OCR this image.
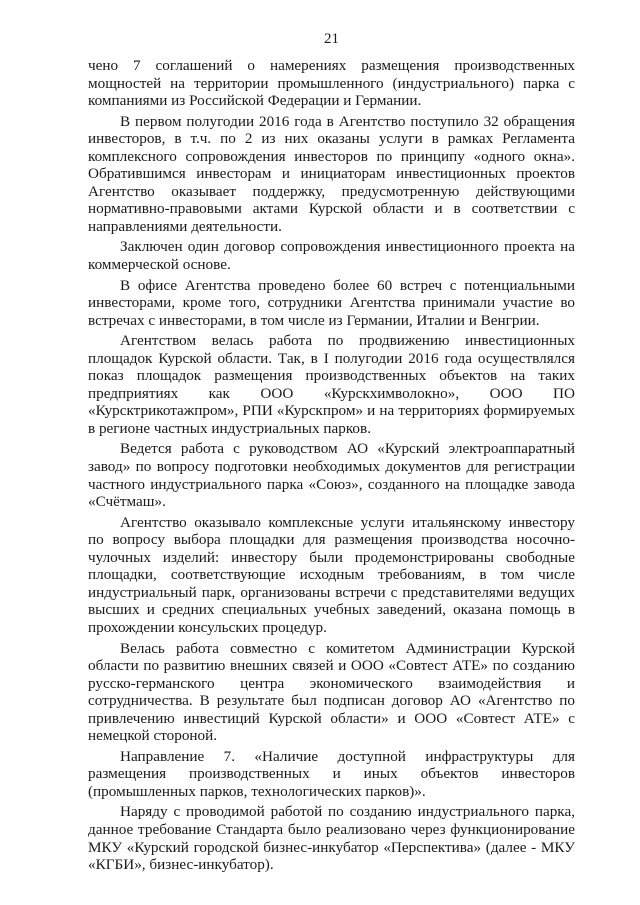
21

чено 7 соглашений о намерениях размещения производственных мощностей на территории промышленного (индустриального) парка с компаниями из Российской Федерации и Германии.

В первом полугодии 2016 года в Агентство поступило 32 обращения инвесторов, в т.ч. по 2 из них оказаны услуги в рамках Регламента комплексного сопровождения инвесторов по принципу «одного окна». Обратившимся инвесторам и инициаторам инвестиционных проектов Агентство оказывает поддержку, предусмотренную действующими нормативно-правовыми актами Курской области и в соответствии с направлениями деятельности.

Заключен один договор сопровождения инвестиционного проекта на коммерческой основе.

В офисе Агентства проведено более 60 встреч с потенциальными инвесторами, кроме того, сотрудники Агентства принимали участие во встречах с инвесторами, в том числе из Германии, Италии и Венгрии.

Агентством велась работа по продвижению инвестиционных площадок Курской области. Так, в I полугодии 2016 года осуществлялся показ площадок размещения производственных объектов на таких предприятиях как ООО «Курскхимволокно», ООО ПО «Курсктрикотажпром», РПИ «Курскпром» и на территориях формируемых в регионе частных индустриальных парков.

Ведется работа с руководством АО «Курский электроаппаратный завод» по вопросу подготовки необходимых документов для регистрации частного индустриального парка «Союз», созданного на площадке завода «Счётмаш».

Агентство оказывало комплексные услуги итальянскому инвестору по вопросу выбора площадки для размещения производства носочно-чулочных изделий: инвестору были продемонстрированы свободные площадки, соответствующие исходным требованиям, в том числе индустриальный парк, организованы встречи с представителями ведущих высших и средних специальных учебных заведений, оказана помощь в прохождении консульских процедур.

Велась работа совместно с комитетом Администрации Курской области по развитию внешних связей и ООО «Совтест АТЕ» по созданию русско-германского центра экономического взаимодействия и сотрудничества. В результате был подписан договор АО «Агентство по привлечению инвестиций Курской области» и ООО «Совтест АТЕ» с немецкой стороной.

Направление 7. «Наличие доступной инфраструктуры для размещения производственных и иных объектов инвесторов (промышленных парков, технологических парков)».

Наряду с проводимой работой по созданию индустриального парка, данное требование Стандарта было реализовано через функционирование МКУ «Курский городской бизнес-инкубатор «Перспектива» (далее - МКУ «КГБИ», бизнес-инкубатор).
